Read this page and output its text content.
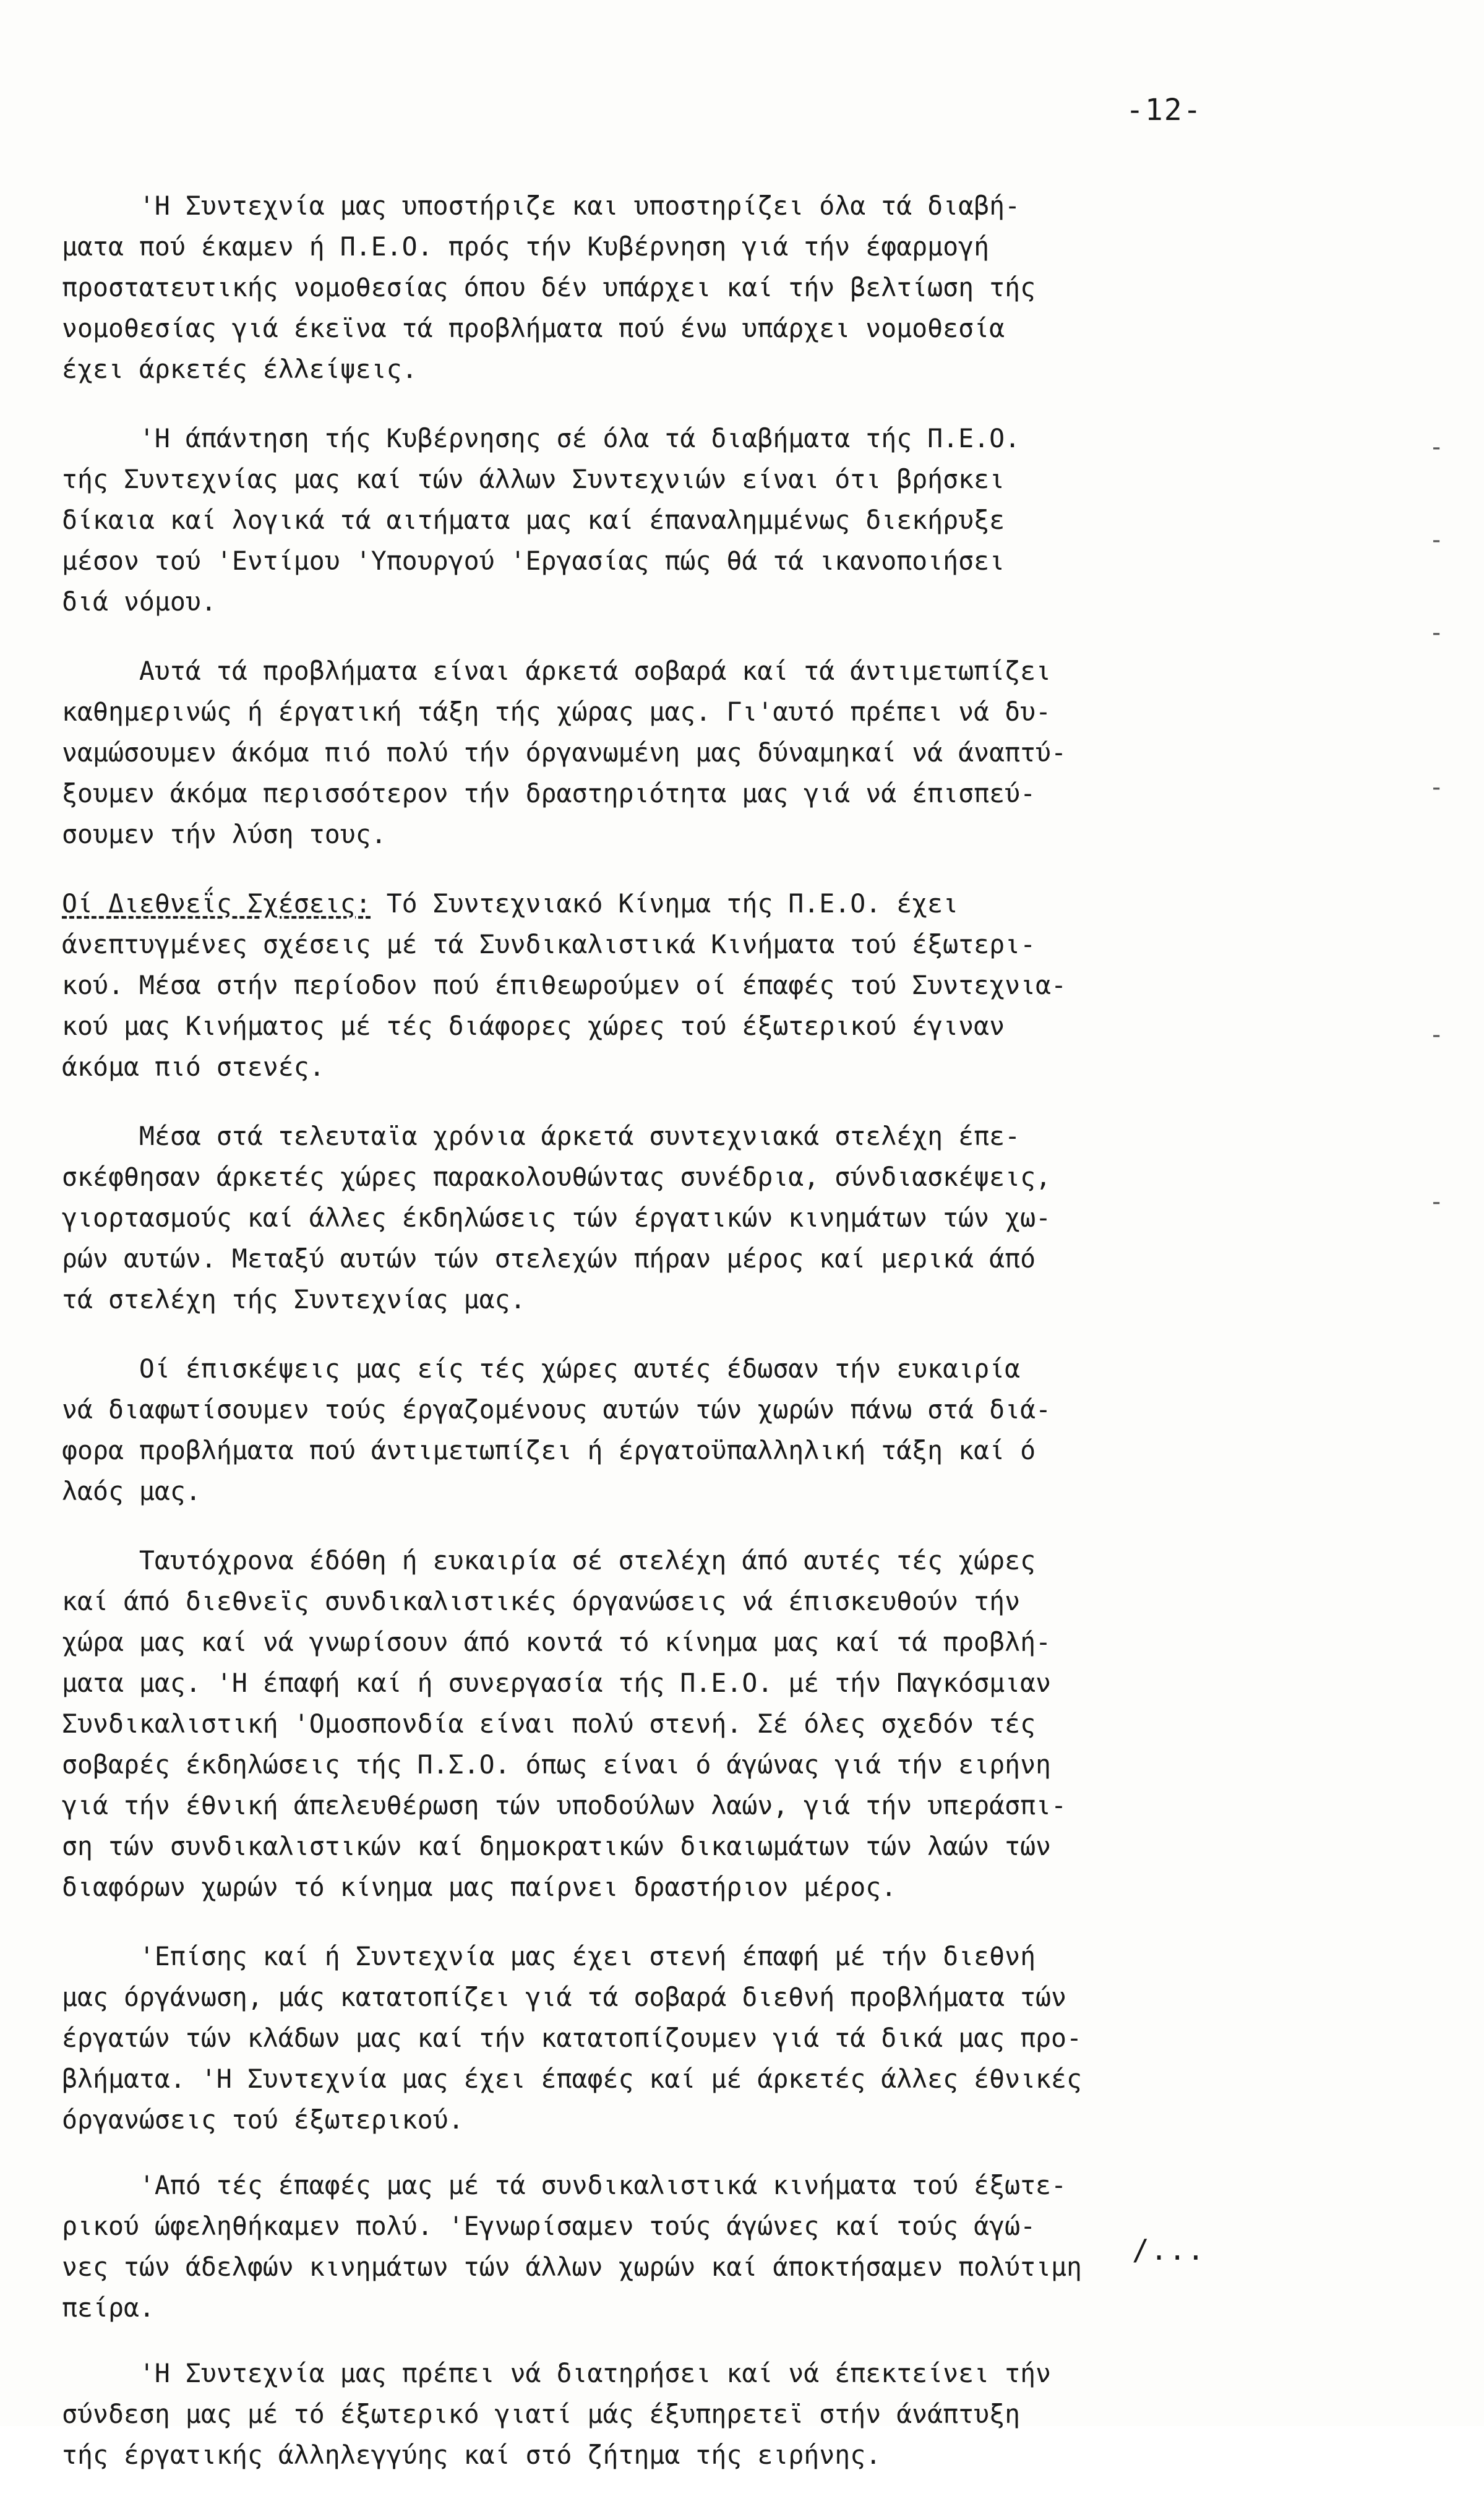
-12-

'Η Συντεχνία μας υποστήριζε και υποστηρίζει όλα τά διαβή-
ματα πού έκαμεν ή Π.Ε.Ο. πρός τήν Κυβέρνηση γιά τήν έφαρμογή
προστατευτικής νομοθεσίας όπου δέν υπάρχει καί τήν βελτίωση τής
νομοθεσίας γιά έκεϊνα τά προβλήματα πού ένω υπάρχει νομοθεσία
έχει άρκετές έλλείψεις.

'Η άπάντηση τής Κυβέρνησης σέ όλα τά διαβήματα τής Π.Ε.Ο.
τής Συντεχνίας μας καί τών άλλων Συντεχνιών είναι ότι βρήσκει
δίκαια καί λογικά τά αιτήματα μας καί έπαναλημμένως διεκήρυξε
μέσον τού 'Εντίμου 'Υπουργού 'Εργασίας πώς θά τά ικανοποιήσει
διά νόμου.

Αυτά τά προβλήματα είναι άρκετά σοβαρά καί τά άντιμετωπίζει
καθημερινώς ή έργατική τάξη τής χώρας μας. Γι'αυτό πρέπει νά δυ-
ναμώσουμεν άκόμα πιό πολύ τήν όργανωμένη μας δύναμηκαί νά άναπτύ-
ξουμεν άκόμα περισσότερον τήν δραστηριότητα μας γιά νά έπισπεύ-
σουμεν τήν λύση τους.

Οί Διεθνεΐς Σχέσεις: Τό Συντεχνιακό Κίνημα τής Π.Ε.Ο. έχει
άνεπτυγμένες σχέσεις μέ τά Συνδικαλιστικά Κινήματα τού έξωτερι-
κού. Μέσα στήν περίοδον πού έπιθεωρούμεν οί έπαφές τού Συντεχνια-
κού μας Κινήματος μέ τές διάφορες χώρες τού έξωτερικού έγιναν
άκόμα πιό στενές.

Μέσα στά τελευταϊα χρόνια άρκετά συντεχνιακά στελέχη έπε-
σκέφθησαν άρκετές χώρες παρακολουθώντας συνέδρια, σύνδιασκέψεις,
γιορτασμούς καί άλλες έκδηλώσεις τών έργατικών κινημάτων τών χω-
ρών αυτών. Μεταξύ αυτών τών στελεχών πήραν μέρος καί μερικά άπό
τά στελέχη τής Συντεχνίας μας.

Οί έπισκέψεις μας είς τές χώρες αυτές έδωσαν τήν ευκαιρία
νά διαφωτίσουμεν τούς έργαζομένους αυτών τών χωρών πάνω στά διά-
φορα προβλήματα πού άντιμετωπίζει ή έργατοϋπαλληλική τάξη καί ό
λαός μας.

Ταυτόχρονα έδόθη ή ευκαιρία σέ στελέχη άπό αυτές τές χώρες
καί άπό διεθνεϊς συνδικαλιστικές όργανώσεις νά έπισκευθούν τήν
χώρα μας καί νά γνωρίσουν άπό κοντά τό κίνημα μας καί τά προβλή-
ματα μας. 'Η έπαφή καί ή συνεργασία τής Π.Ε.Ο. μέ τήν Παγκόσμιαν
Συνδικαλιστική 'Ομοσπονδία είναι πολύ στενή. Σέ όλες σχεδόν τές
σοβαρές έκδηλώσεις τής Π.Σ.Ο. όπως είναι ό άγώνας γιά τήν ειρήνη
γιά τήν έθνική άπελευθέρωση τών υποδούλων λαών, γιά τήν υπεράσπι-
ση τών συνδικαλιστικών καί δημοκρατικών δικαιωμάτων τών λαών τών
διαφόρων χωρών τό κίνημα μας παίρνει δραστήριον μέρος.

'Επίσης καί ή Συντεχνία μας έχει στενή έπαφή μέ τήν διεθνή
μας όργάνωση, μάς κατατοπίζει γιά τά σοβαρά διεθνή προβλήματα τών
έργατών τών κλάδων μας καί τήν κατατοπίζουμεν γιά τά δικά μας προ-
βλήματα. 'Η Συντεχνία μας έχει έπαφές καί μέ άρκετές άλλες έθνικές
όργανώσεις τού έξωτερικού.

'Από τές έπαφές μας μέ τά συνδικαλιστικά κινήματα τού έξωτε-
ρικού ώφεληθήκαμεν πολύ. 'Εγνωρίσαμεν τούς άγώνες καί τούς άγώ-
νες τών άδελφών κινημάτων τών άλλων χωρών καί άποκτήσαμεν πολύτιμη
πείρα.

'Η Συντεχνία μας πρέπει νά διατηρήσει καί νά έπεκτείνει τήν
σύνδεση μας μέ τό έξωτερικό γιατί μάς έξυπηρετεϊ στήν άνάπτυξη
τής έργατικής άλληλεγγύης καί στό ζήτημα τής ειρήνης.

/...
-
-
-
-
-
-
